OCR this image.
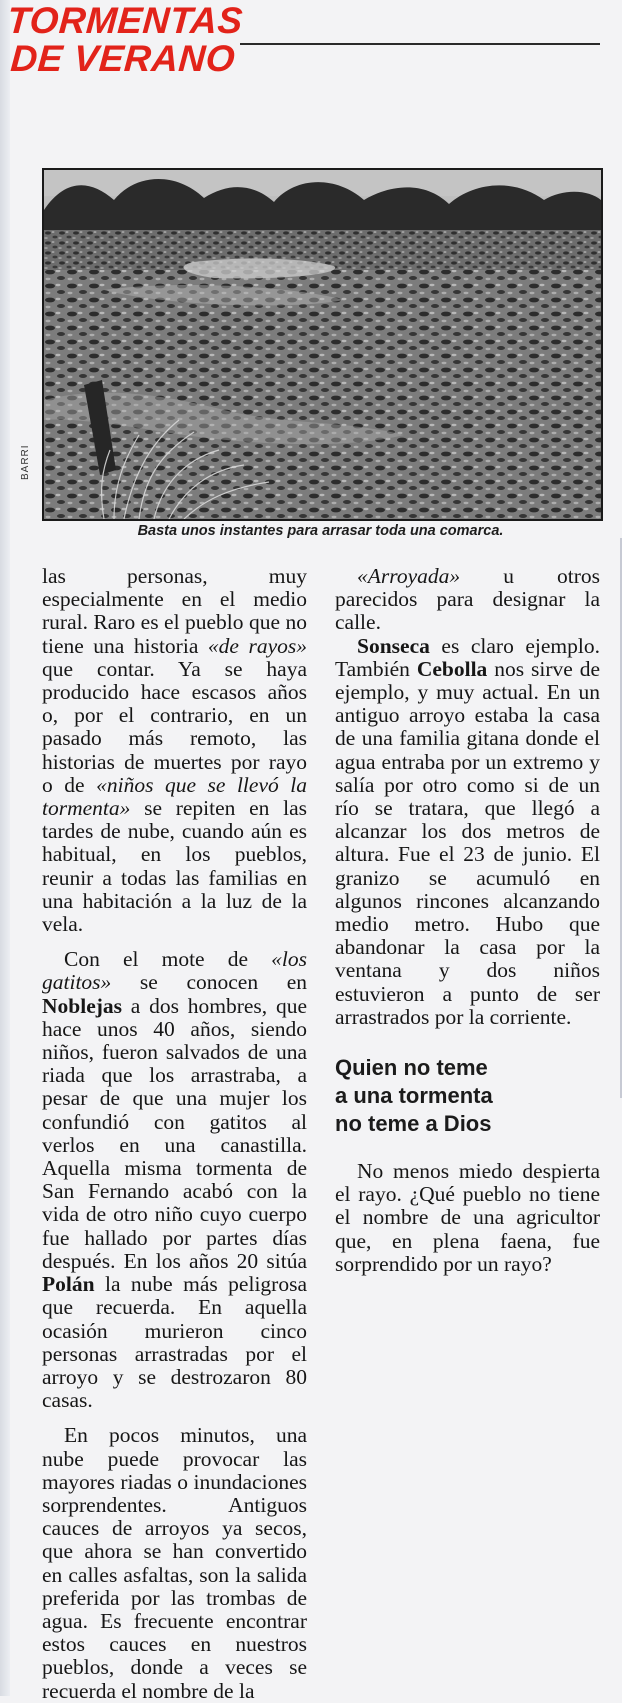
TORMENTAS
DE VERANO

BARRI

Basta unos instantes para arrasar toda una comarca.

las personas, muy especialmente en el medio rural. Raro es el pueblo que no tiene una historia «de rayos» que contar. Ya se haya producido hace escasos años o, por el contrario, en un pasado más remoto, las historias de muertes por rayo o de «niños que se llevó la tormenta» se repiten en las tardes de nube, cuando aún es habitual, en los pueblos, reunir a todas las familias en una habitación a la luz de la vela.

Con el mote de «los gatitos» se conocen en Noblejas a dos hombres, que hace unos 40 años, siendo niños, fueron salvados de una riada que los arrastraba, a pesar de que una mujer los confundió con gatitos al verlos en una canastilla. Aquella misma tormenta de San Fernando acabó con la vida de otro niño cuyo cuerpo fue hallado por partes días después. En los años 20 sitúa Polán la nube más peligrosa que recuerda. En aquella ocasión murieron cinco personas arrastradas por el arroyo y se destrozaron 80 casas.

En pocos minutos, una nube puede provocar las mayores riadas o inundaciones sorprendentes. Antiguos cauces de arroyos ya secos, que ahora se han convertido en calles asfaltas, son la salida preferida por las trombas de agua. Es frecuente encontrar estos cauces en nuestros pueblos, donde a veces se recuerda el nombre de la

«Arroyada» u otros parecidos para designar la calle.

Sonseca es claro ejemplo. También Cebolla nos sirve de ejemplo, y muy actual. En un antiguo arroyo estaba la casa de una familia gitana donde el agua entraba por un extremo y salía por otro como si de un río se tratara, que llegó a alcanzar los dos metros de altura. Fue el 23 de junio. El granizo se acumuló en algunos rincones alcanzando medio metro. Hubo que abandonar la casa por la ventana y dos niños estuvieron a punto de ser arrastrados por la corriente.

Quien no teme
a una tormenta
no teme a Dios

No menos miedo despierta el rayo. ¿Qué pueblo no tiene el nombre de una agricultor que, en plena faena, fue sorprendido por un rayo?
